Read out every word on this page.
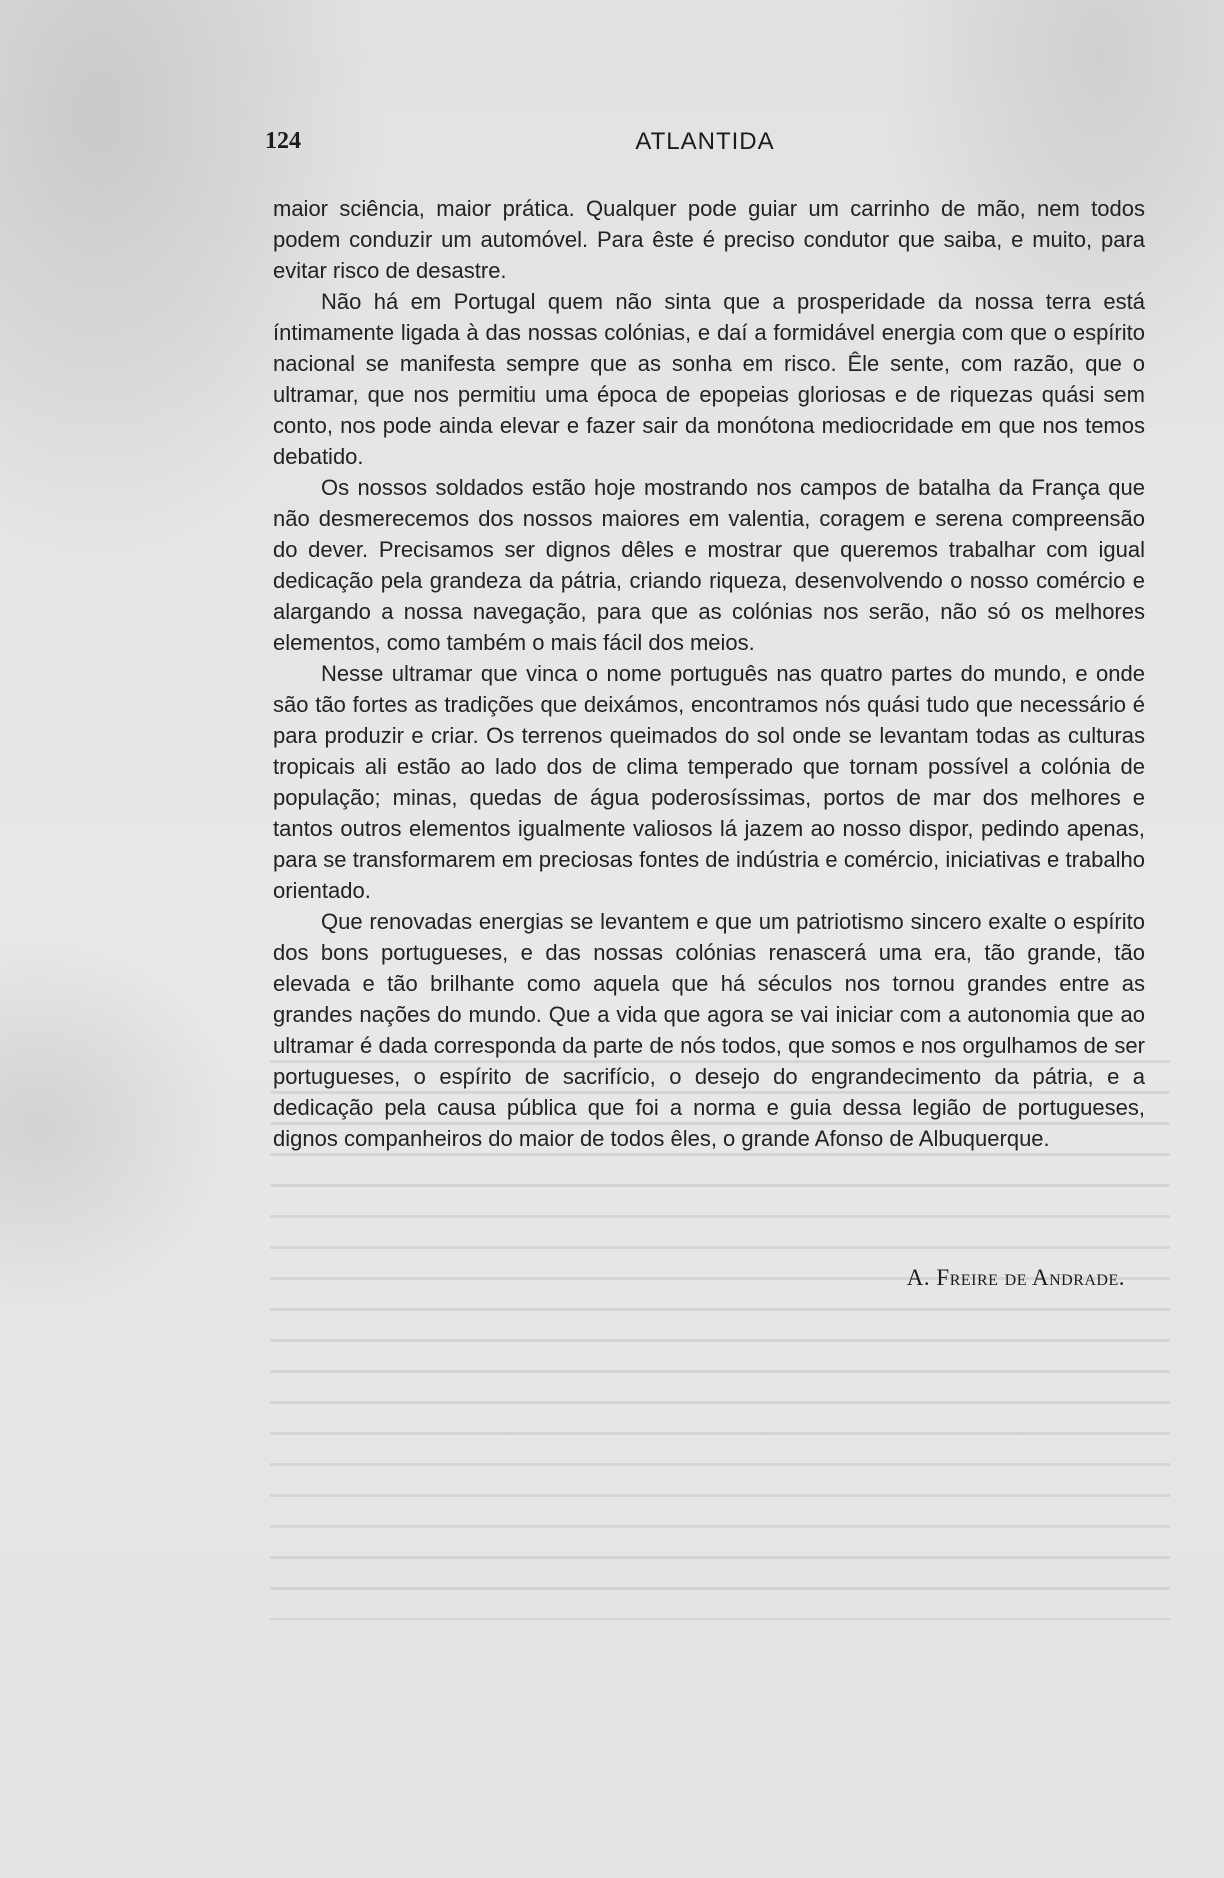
124	ATLANTIDA

maior sciência, maior prática. Qualquer pode guiar um carrinho de mão, nem todos podem conduzir um automóvel. Para êste é preciso condutor que saiba, e muito, para evitar risco de desastre.

Não há em Portugal quem não sinta que a prosperidade da nossa terra está íntimamente ligada à das nossas colónias, e daí a formidável energia com que o espírito nacional se manifesta sempre que as sonha em risco. Êle sente, com razão, que o ultramar, que nos permitiu uma época de epopeias gloriosas e de riquezas quási sem conto, nos pode ainda elevar e fazer sair da monótona mediocridade em que nos temos debatido.

Os nossos soldados estão hoje mostrando nos campos de batalha da França que não desmerecemos dos nossos maiores em valentia, coragem e serena compreensão do dever. Precisamos ser dignos dêles e mostrar que queremos trabalhar com igual dedicação pela grandeza da pátria, criando riqueza, desenvolvendo o nosso comércio e alargando a nossa navegação, para que as colónias nos serão, não só os melhores elementos, como também o mais fácil dos meios.

Nesse ultramar que vinca o nome português nas quatro partes do mundo, e onde são tão fortes as tradições que deixámos, encontramos nós quási tudo que necessário é para produzir e criar. Os terrenos queimados do sol onde se levantam todas as culturas tropicais ali estão ao lado dos de clima temperado que tornam possível a colónia de população; minas, quedas de água poderosíssimas, portos de mar dos melhores e tantos outros elementos igualmente valiosos lá jazem ao nosso dispor, pedindo apenas, para se transformarem em preciosas fontes de indústria e comércio, iniciativas e trabalho orientado.

Que renovadas energias se levantem e que um patriotismo sincero exalte o espírito dos bons portugueses, e das nossas colónias renascerá uma era, tão grande, tão elevada e tão brilhante como aquela que há séculos nos tornou grandes entre as grandes nações do mundo. Que a vida que agora se vai iniciar com a autonomia que ao ultramar é dada corresponda da parte de nós todos, que somos e nos orgulhamos de ser portugueses, o espírito de sacrifício, o desejo do engrandecimento da pátria, e a dedicação pela causa pública que foi a norma e guia dessa legião de portugueses, dignos companheiros do maior de todos êles, o grande Afonso de Albuquerque.

A. Freire de Andrade.
